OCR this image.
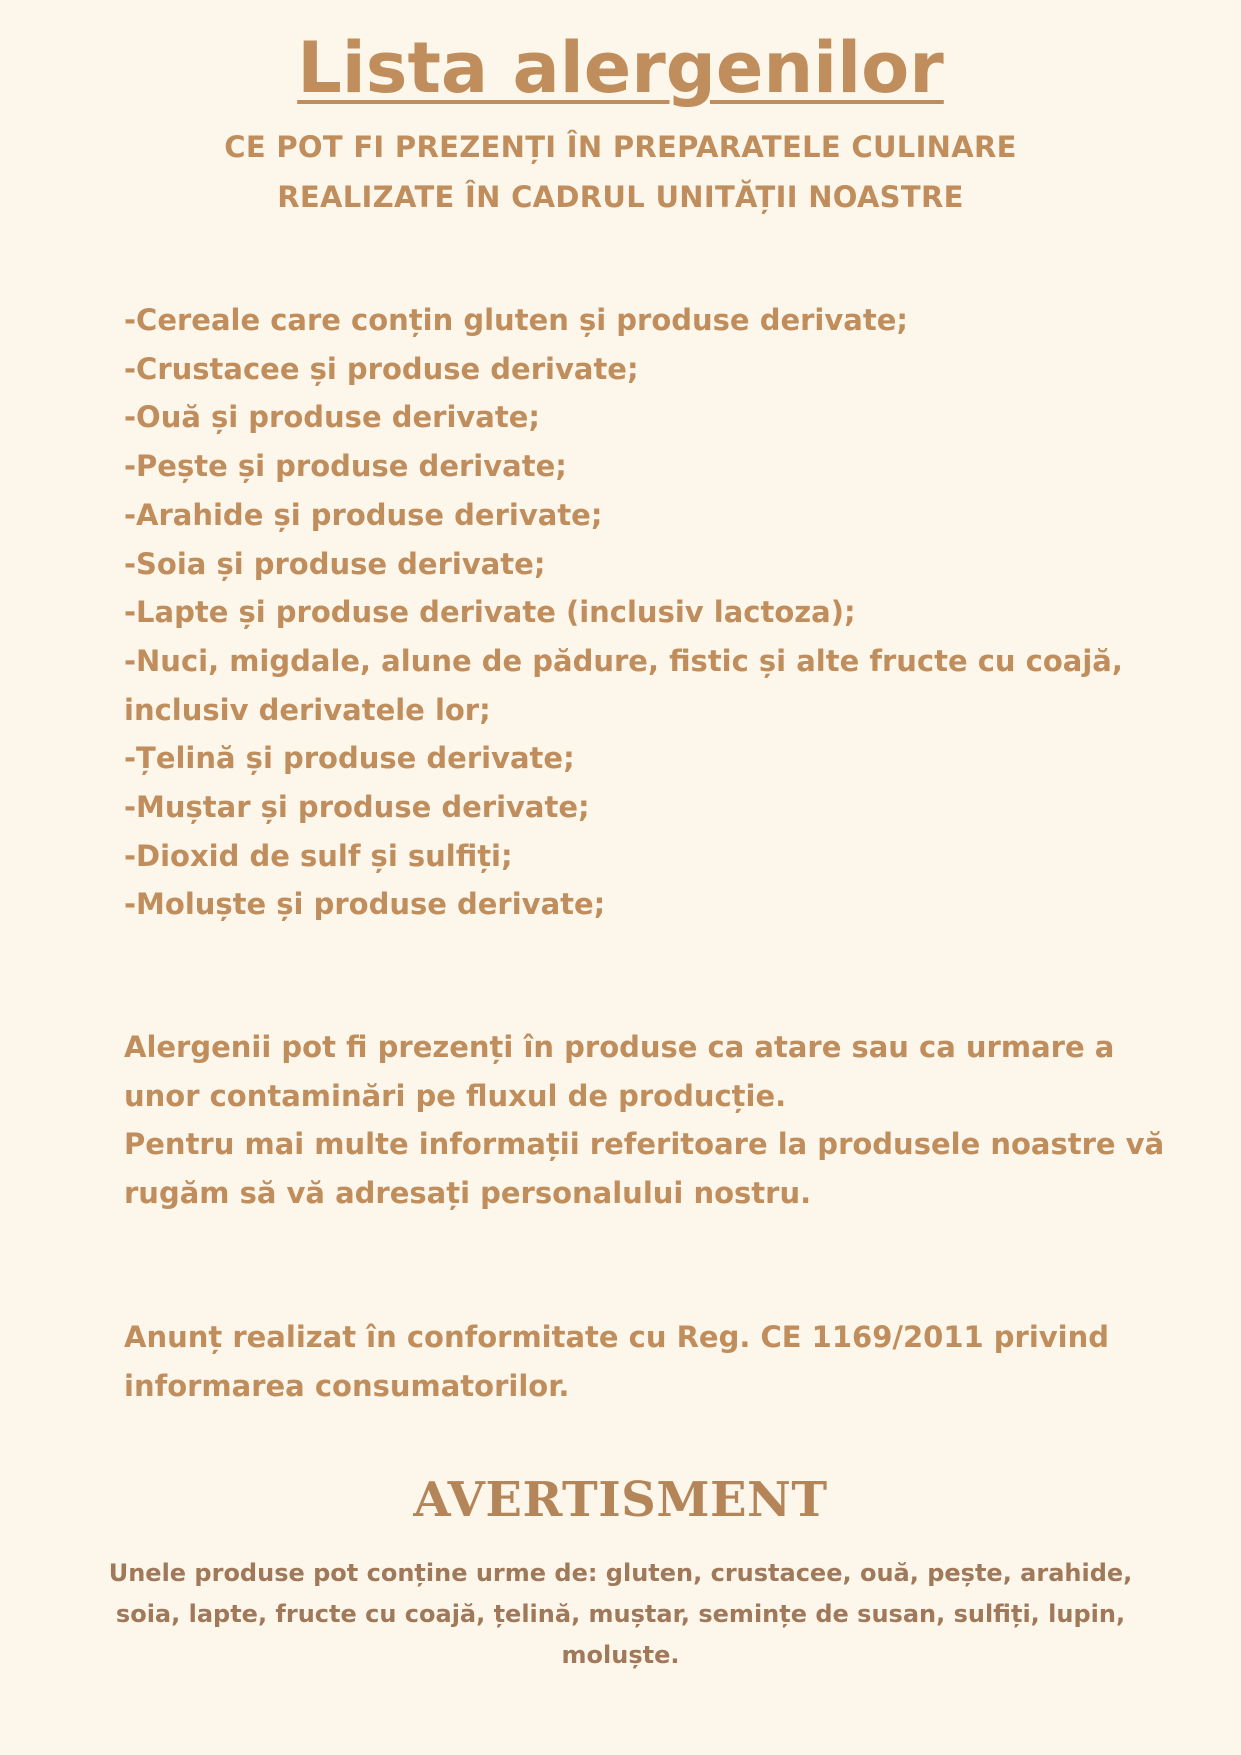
Lista alergenilor
CE POT FI PREZENȚI ÎN PREPARATELE CULINARE
REALIZATE ÎN CADRUL UNITĂȚII NOASTRE
-Cereale care conțin gluten și produse derivate;
-Crustacee și produse derivate;
-Ouă și produse derivate;
-Pește și produse derivate;
-Arahide și produse derivate;
-Soia și produse derivate;
-Lapte și produse derivate (inclusiv lactoza);
-Nuci, migdale, alune de pădure, fistic și alte fructe cu coajă,
inclusiv derivatele lor;
-Țelină și produse derivate;
-Muștar și produse derivate;
-Dioxid de sulf și sulfiți;
-Moluște și produse derivate;
Alergenii pot fi prezenți în produse ca atare sau ca urmare a
unor contaminări pe fluxul de producție.
Pentru mai multe informații referitoare la produsele noastre vă
rugăm să vă adresați personalului nostru.
Anunț realizat în conformitate cu Reg. CE 1169/2011 privind
informarea consumatorilor.
AVERTISMENT
Unele produse pot conține urme de: gluten, crustacee, ouă, pește, arahide,
soia, lapte, fructe cu coajă, țelină, muștar, semințe de susan, sulfiți, lupin,
moluște.
